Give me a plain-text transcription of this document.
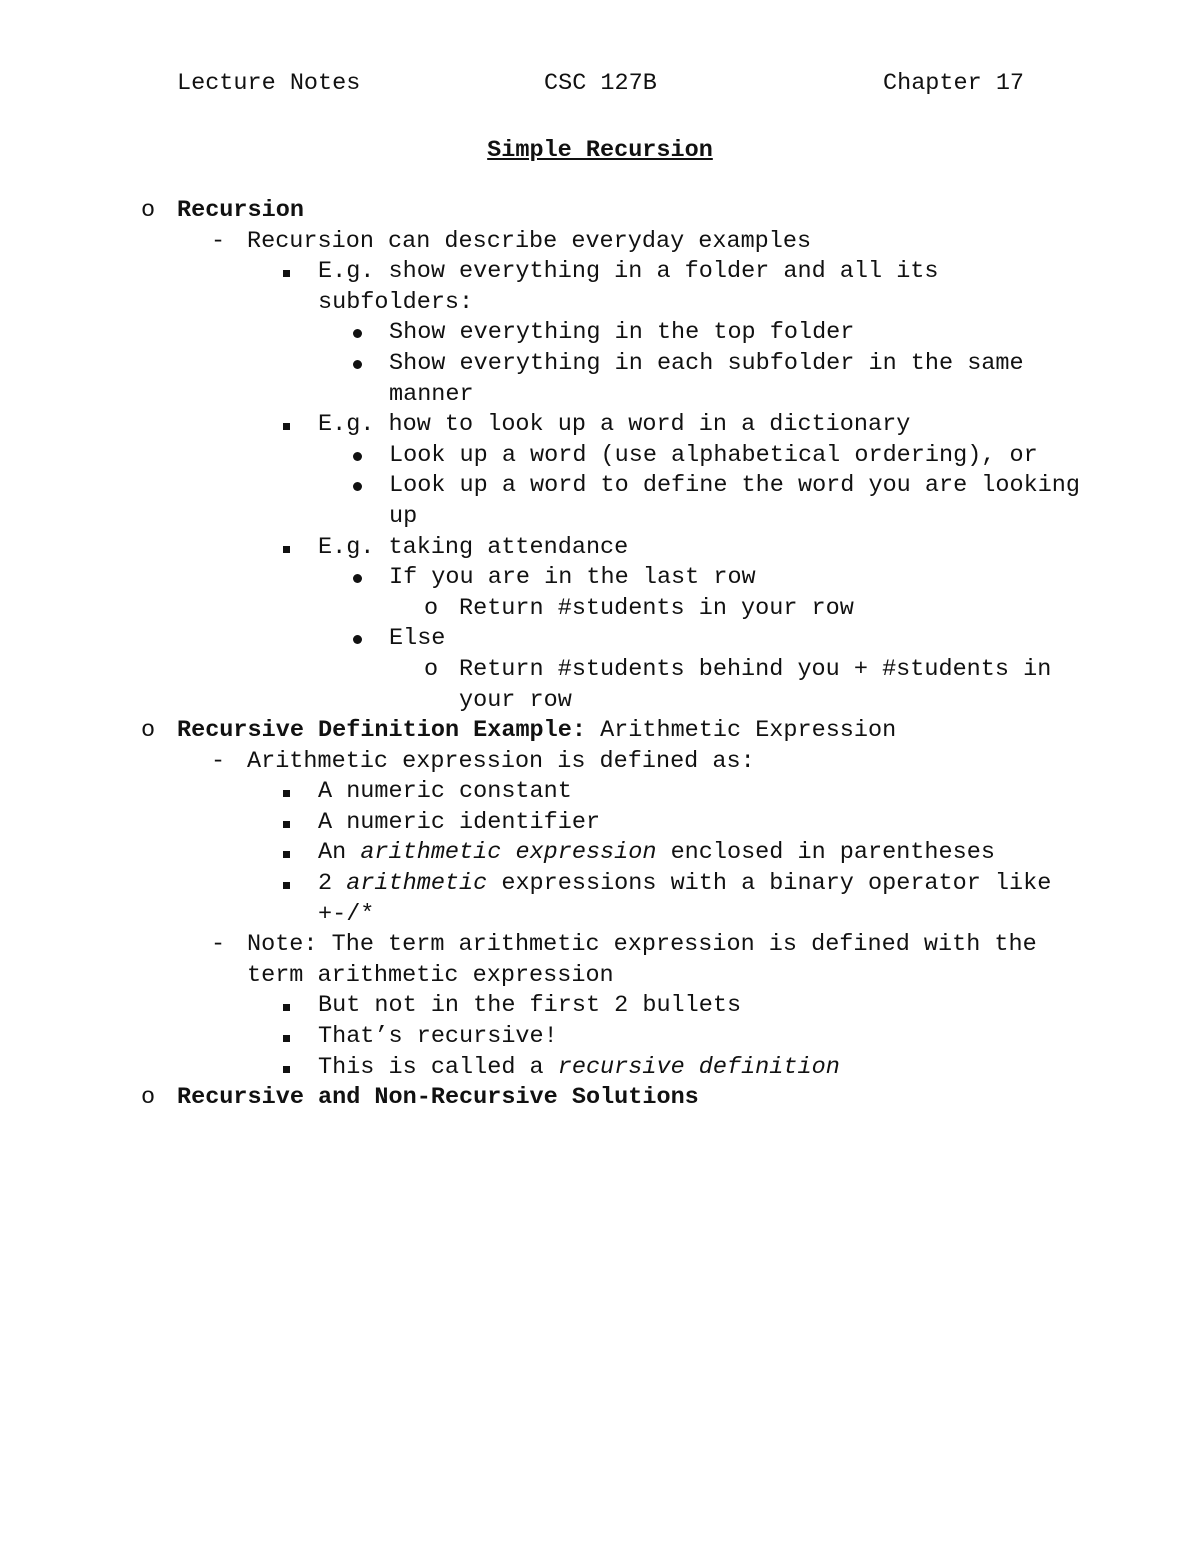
Lecture Notes	CSC 127B	Chapter 17
Simple Recursion

o

Recursion

-

Recursion can describe everyday examples

E.g. show everything in a folder and all its

subfolders:

Show everything in the top folder

Show everything in each subfolder in the same

manner

E.g. how to look up a word in a dictionary

Look up a word (use alphabetical ordering), or

Look up a word to define the word you are looking

up

E.g. taking attendance

If you are in the last row

o

Return #students in your row

Else

o

Return #students behind you + #students in

your row

o

Recursive Definition Example: Arithmetic Expression

-

Arithmetic expression is defined as:

A numeric constant

A numeric identifier

An arithmetic expression enclosed in parentheses

2 arithmetic expressions with a binary operator like

+-/*

-

Note: The term arithmetic expression is defined with the

term arithmetic expression

But not in the first 2 bullets

That’s recursive!

This is called a recursive definition

o

Recursive and Non-Recursive Solutions
